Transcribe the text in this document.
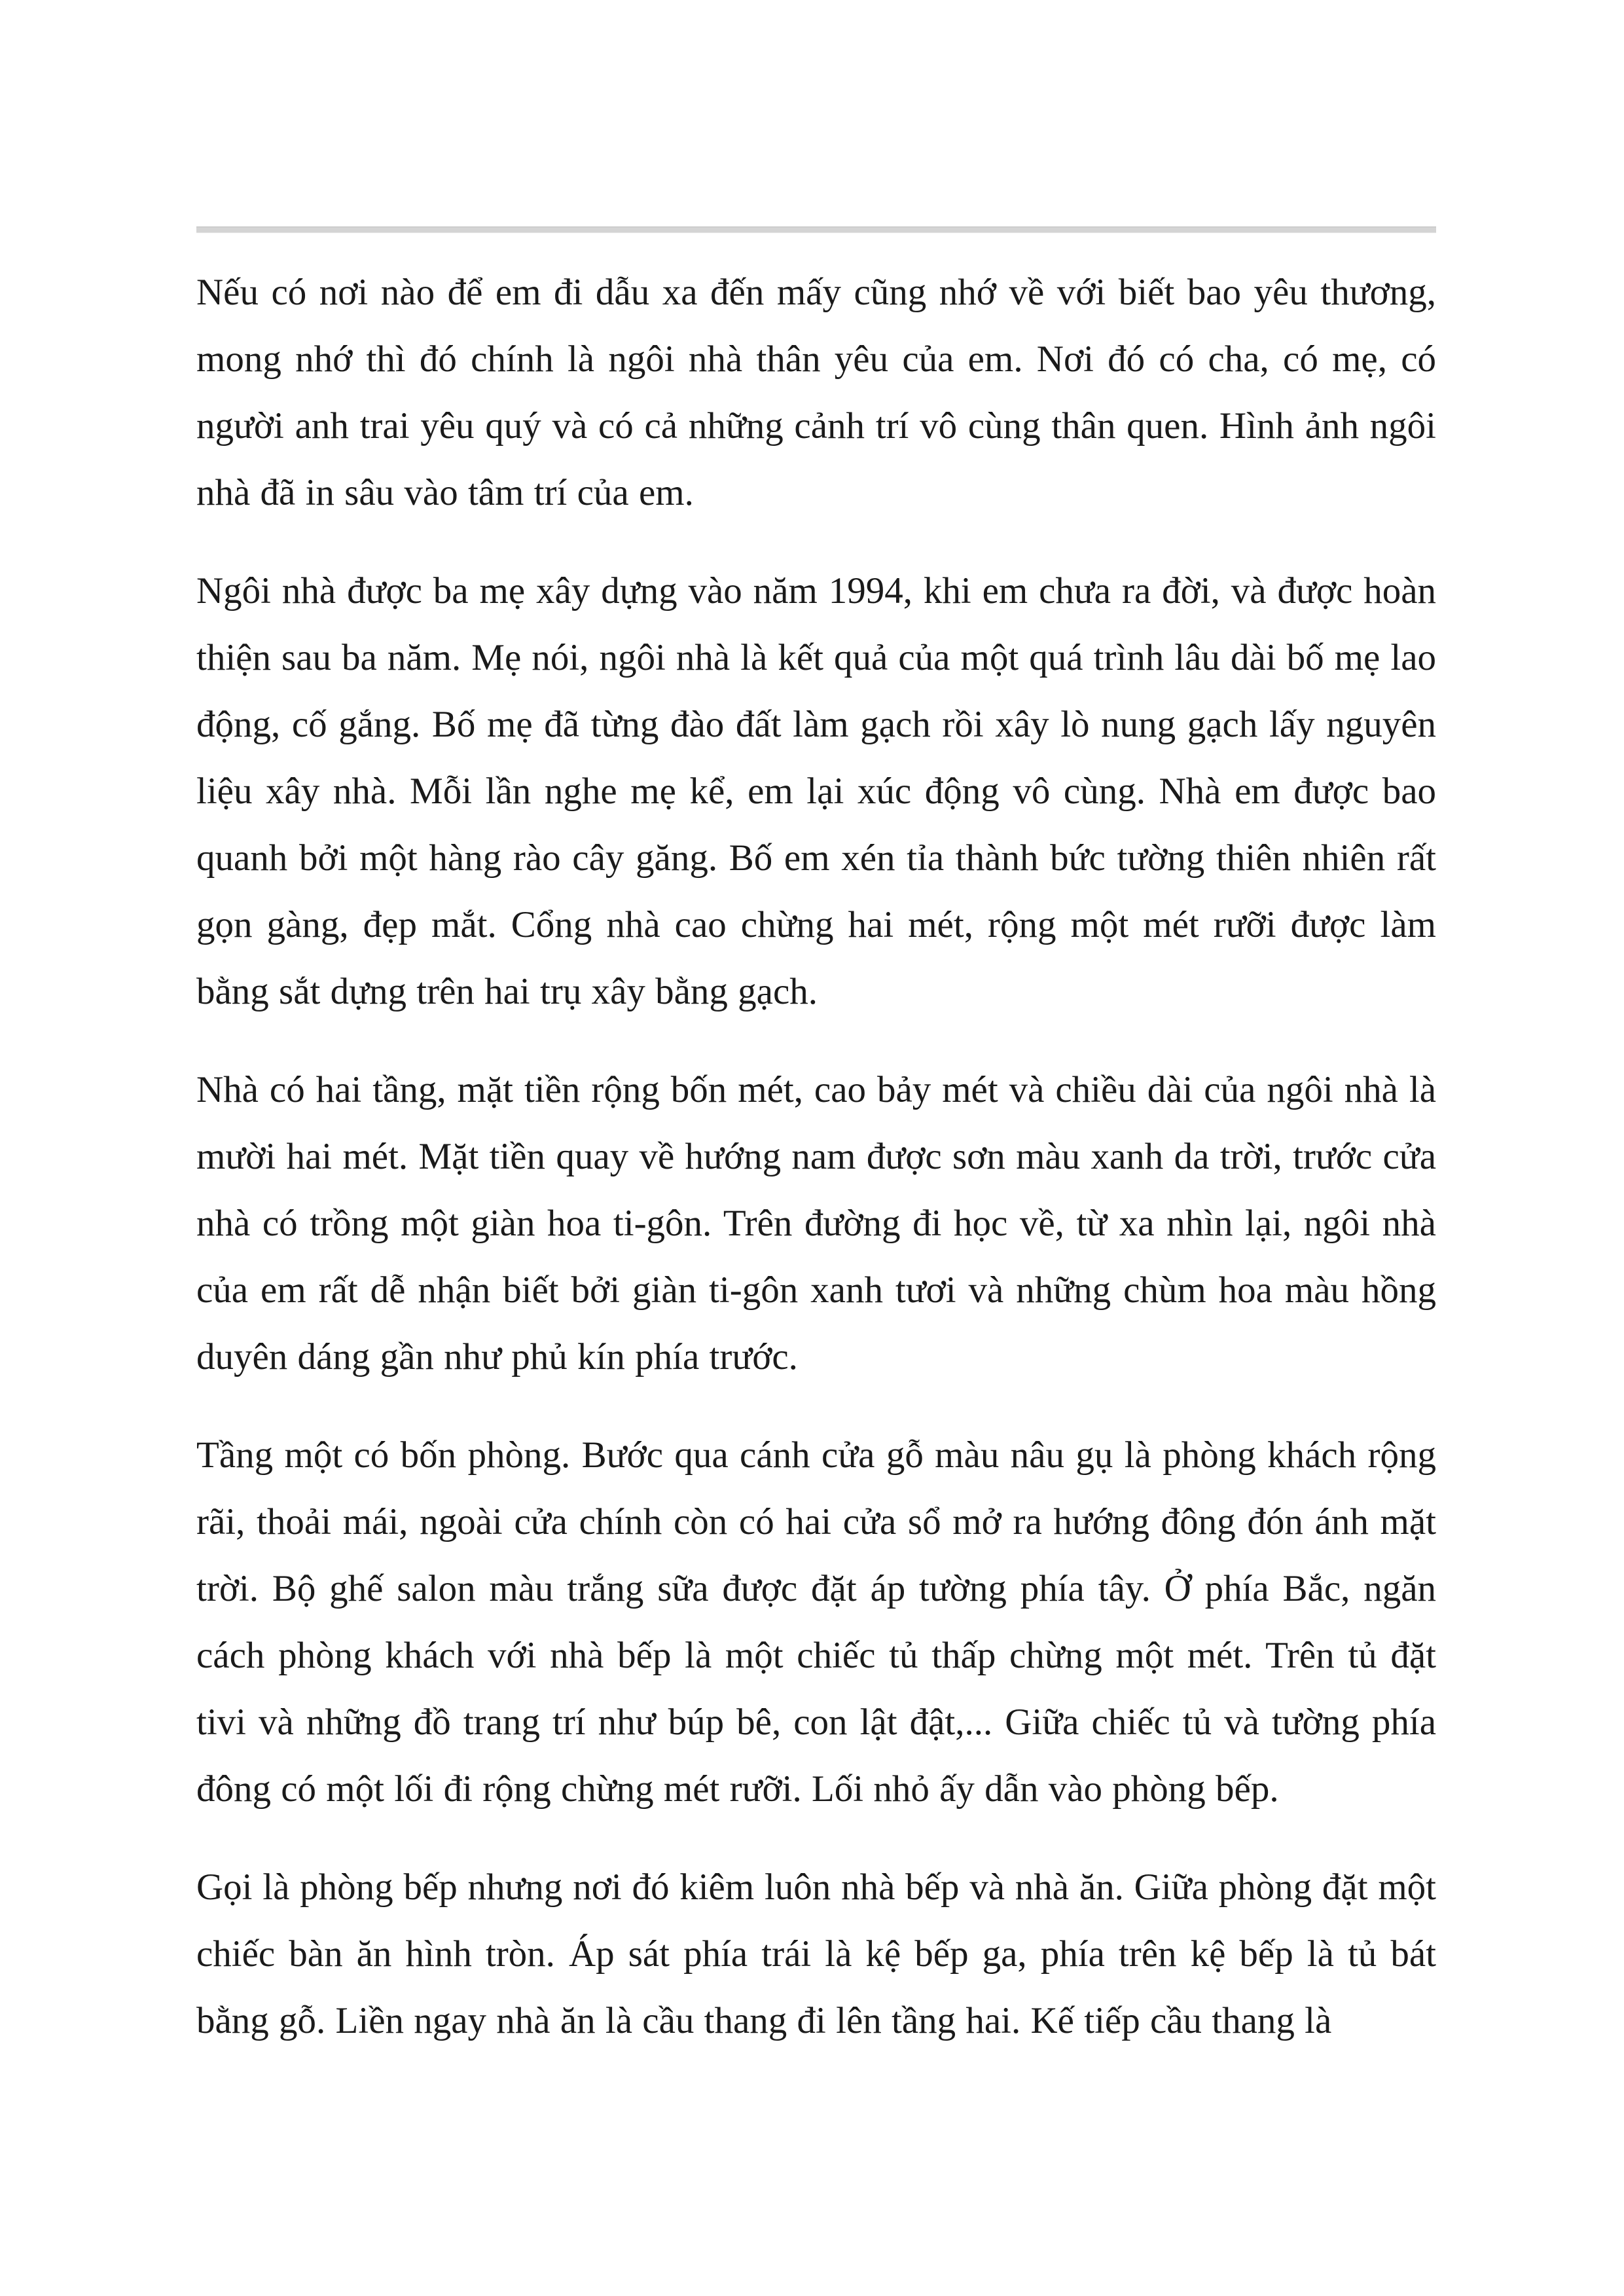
Nếu có nơi nào để em đi dẫu xa đến mấy cũng nhớ về với biết bao yêu thương, mong nhớ thì đó chính là ngôi nhà thân yêu của em. Nơi đó có cha, có mẹ, có người anh trai yêu quý và có cả những cảnh trí vô cùng thân quen. Hình ảnh ngôi nhà đã in sâu vào tâm trí của em.

Ngôi nhà được ba mẹ xây dựng vào năm 1994, khi em chưa ra đời, và được hoàn thiện sau ba năm. Mẹ nói, ngôi nhà là kết quả của một quá trình lâu dài bố mẹ lao động, cố gắng. Bố mẹ đã từng đào đất làm gạch rồi xây lò nung gạch lấy nguyên liệu xây nhà. Mỗi lần nghe mẹ kể, em lại xúc động vô cùng. Nhà em được bao quanh bởi một hàng rào cây găng. Bố em xén tỉa thành bức tường thiên nhiên rất gọn gàng, đẹp mắt. Cổng nhà cao chừng hai mét, rộng một mét rưỡi được làm bằng sắt dựng trên hai trụ xây bằng gạch.

Nhà có hai tầng, mặt tiền rộng bốn mét, cao bảy mét và chiều dài của ngôi nhà là mười hai mét. Mặt tiền quay về hướng nam được sơn màu xanh da trời, trước cửa nhà có trồng một giàn hoa ti-gôn. Trên đường đi học về, từ xa nhìn lại, ngôi nhà của em rất dễ nhận biết bởi giàn ti-gôn xanh tươi và những chùm hoa màu hồng duyên dáng gần như phủ kín phía trước.

Tầng một có bốn phòng. Bước qua cánh cửa gỗ màu nâu gụ là phòng khách rộng rãi, thoải mái, ngoài cửa chính còn có hai cửa sổ mở ra hướng đông đón ánh mặt trời. Bộ ghế salon màu trắng sữa được đặt áp tường phía tây. Ở phía Bắc, ngăn cách phòng khách với nhà bếp là một chiếc tủ thấp chừng một mét. Trên tủ đặt tivi và những đồ trang trí như búp bê, con lật đật,... Giữa chiếc tủ và tường phía đông có một lối đi rộng chừng mét rưỡi. Lối nhỏ ấy dẫn vào phòng bếp.

Gọi là phòng bếp nhưng nơi đó kiêm luôn nhà bếp và nhà ăn. Giữa phòng đặt một chiếc bàn ăn hình tròn. Áp sát phía trái là kệ bếp ga, phía trên kệ bếp là tủ bát bằng gỗ. Liền ngay nhà ăn là cầu thang đi lên tầng hai. Kế tiếp cầu thang là
